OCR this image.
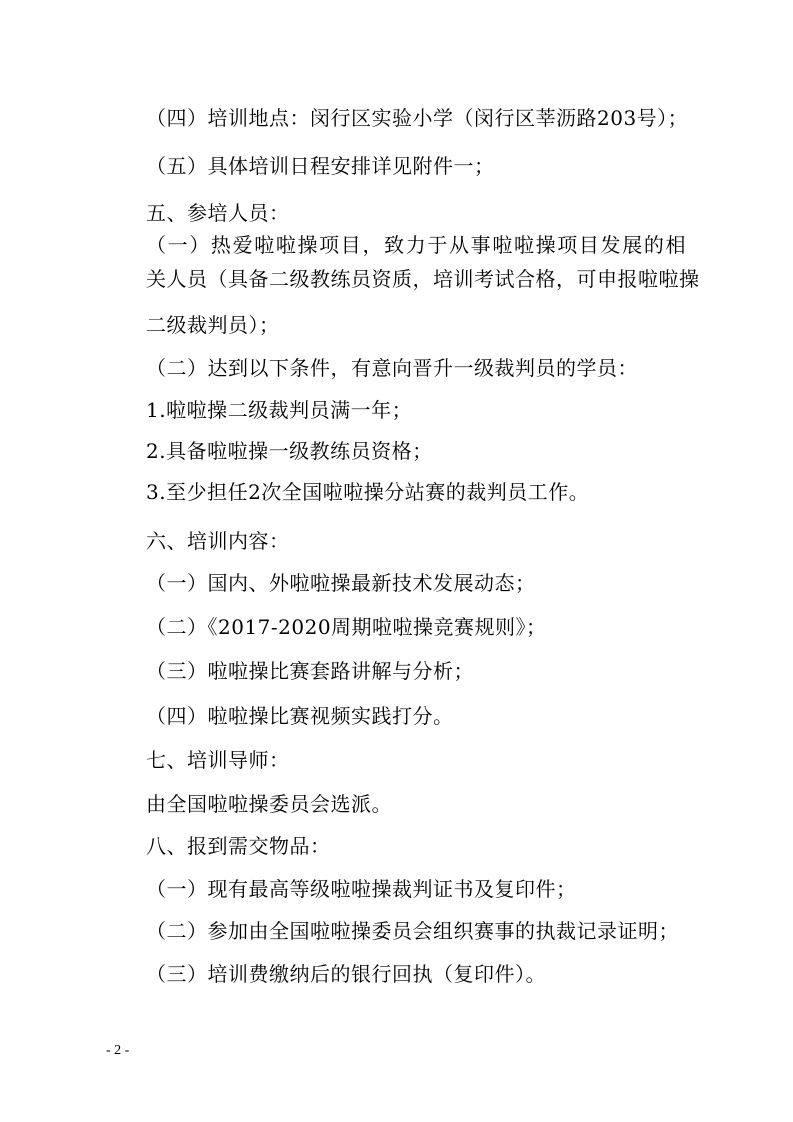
（四）培训地点：闵行区实验小学（闵行区莘沥路203号）；
（五）具体培训日程安排详见附件一；
五、参培人员：
（一）热爱啦啦操项目，致力于从事啦啦操项目发展的相
关人员（具备二级教练员资质，培训考试合格，可申报啦啦操
二级裁判员）；
（二）达到以下条件，有意向晋升一级裁判员的学员：
1.啦啦操二级裁判员满一年；
2.具备啦啦操一级教练员资格；
3.至少担任2次全国啦啦操分站赛的裁判员工作。
六、培训内容：
（一）国内、外啦啦操最新技术发展动态；
（二）《2017-2020周期啦啦操竞赛规则》；
（三）啦啦操比赛套路讲解与分析；
（四）啦啦操比赛视频实践打分。
七、培训导师：
由全国啦啦操委员会选派。
八、报到需交物品：
（一）现有最高等级啦啦操裁判证书及复印件；
（二）参加由全国啦啦操委员会组织赛事的执裁记录证明；
（三）培训费缴纳后的银行回执（复印件）。
- 2 -
